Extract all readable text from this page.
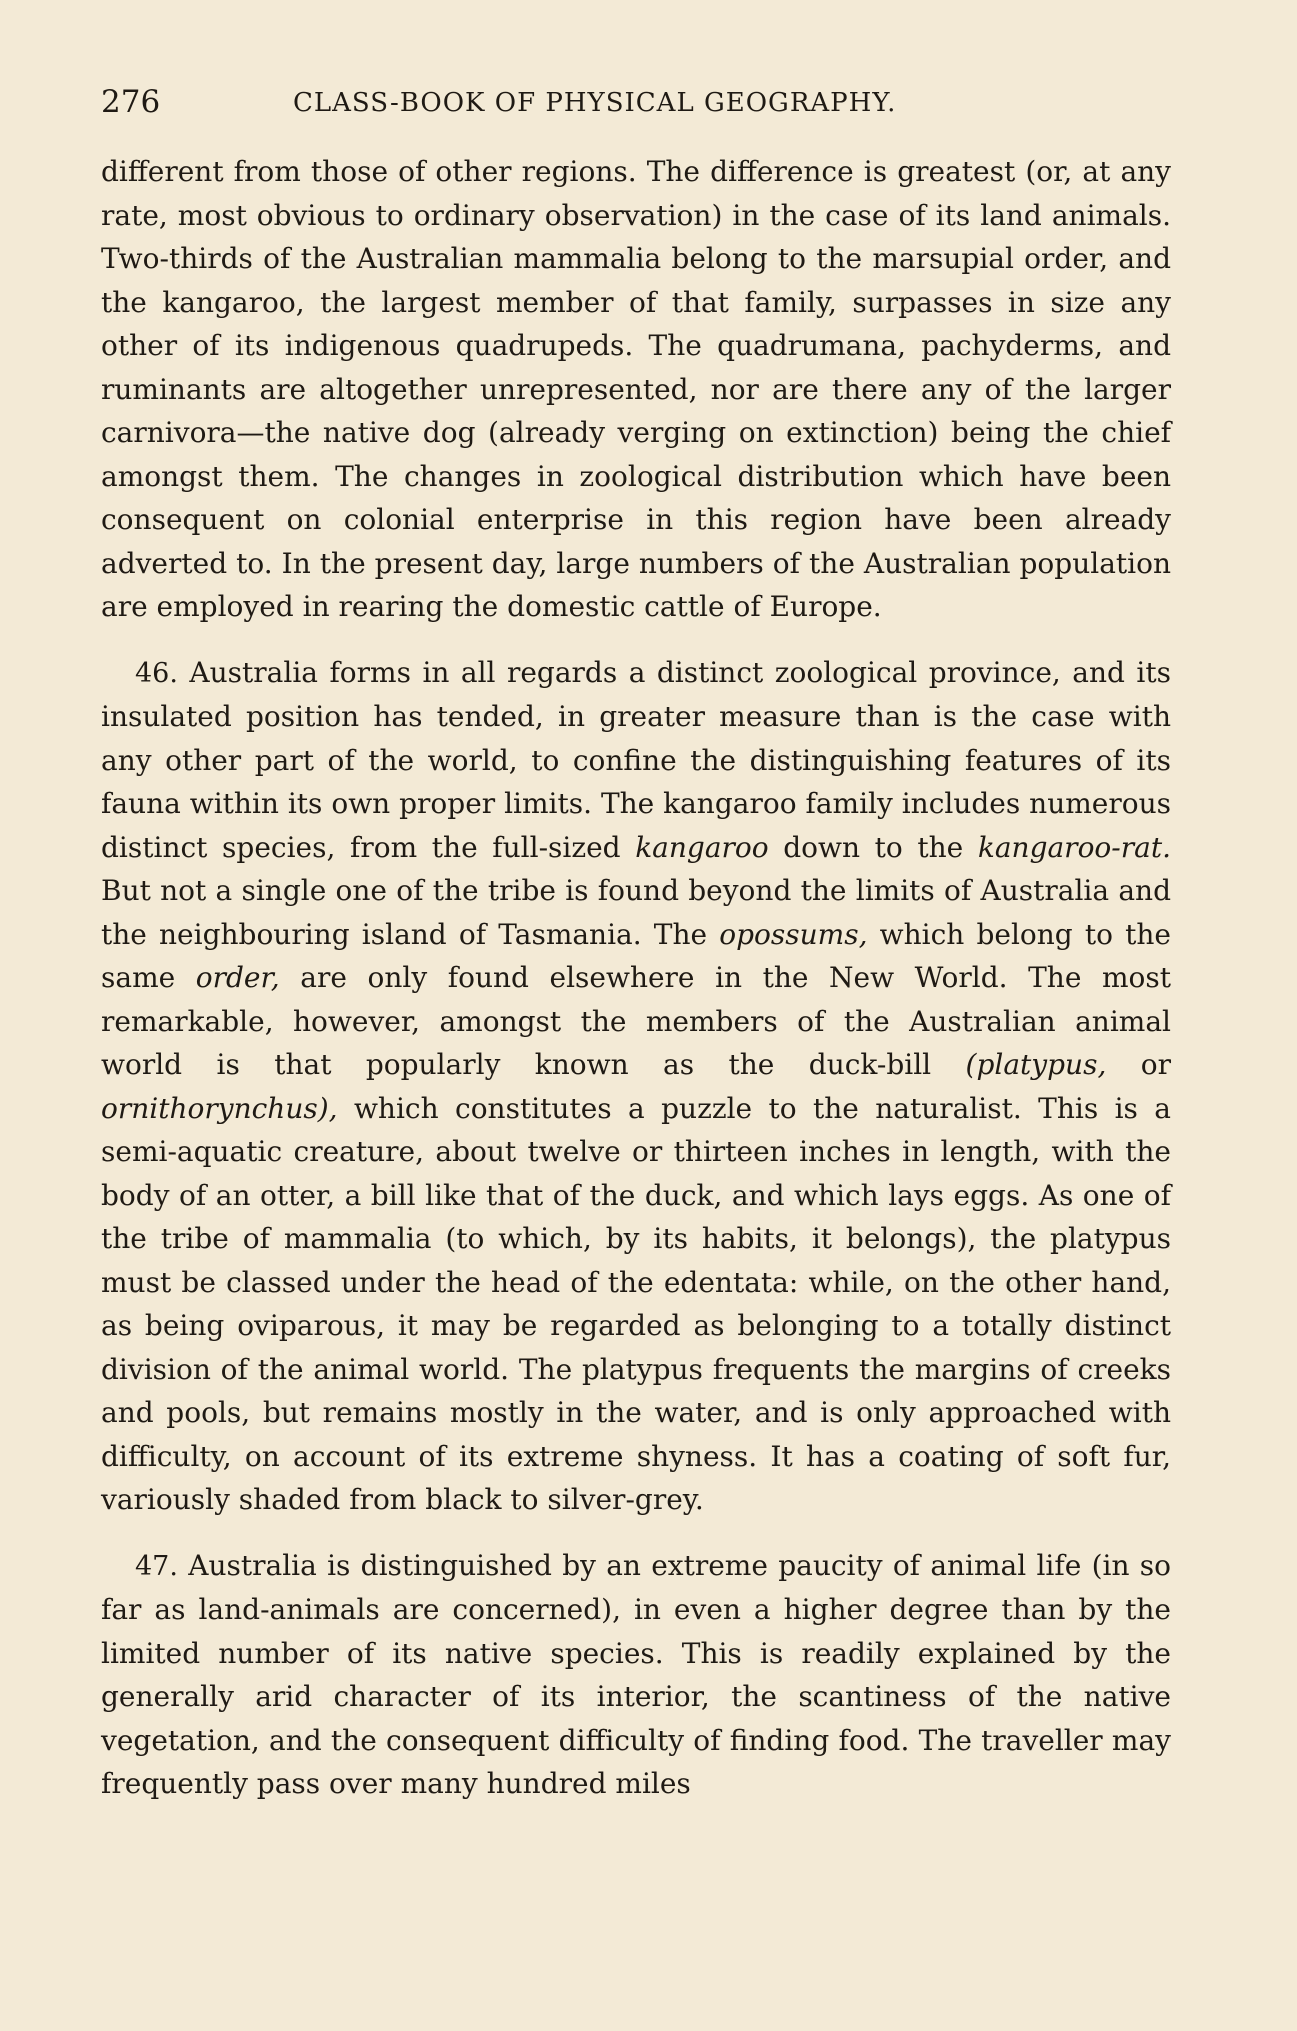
276	CLASS-BOOK OF PHYSICAL GEOGRAPHY.

different from those of other regions. The difference is greatest (or, at any rate, most obvious to ordinary observation) in the case of its land animals. Two-thirds of the Australian mammalia belong to the marsupial order, and the kangaroo, the largest member of that family, surpasses in size any other of its indigenous quadrupeds. The quadrumana, pachyderms, and ruminants are altogether unrepresented, nor are there any of the larger carnivora—the native dog (already verging on extinction) being the chief amongst them. The changes in zoological distribution which have been consequent on colonial enterprise in this region have been already adverted to. In the present day, large numbers of the Australian population are employed in rearing the domestic cattle of Europe.

46. Australia forms in all regards a distinct zoological province, and its insulated position has tended, in greater measure than is the case with any other part of the world, to confine the distinguishing features of its fauna within its own proper limits. The kangaroo family includes numerous distinct species, from the full-sized kangaroo down to the kangaroo-rat. But not a single one of the tribe is found beyond the limits of Australia and the neighbouring island of Tasmania. The opossums, which belong to the same order, are only found elsewhere in the New World. The most remarkable, however, amongst the members of the Australian animal world is that popularly known as the duck-bill (platypus, or ornithorynchus), which constitutes a puzzle to the naturalist. This is a semi-aquatic creature, about twelve or thirteen inches in length, with the body of an otter, a bill like that of the duck, and which lays eggs. As one of the tribe of mammalia (to which, by its habits, it belongs), the platypus must be classed under the head of the edentata: while, on the other hand, as being oviparous, it may be regarded as belonging to a totally distinct division of the animal world. The platypus frequents the margins of creeks and pools, but remains mostly in the water, and is only approached with difficulty, on account of its extreme shyness. It has a coating of soft fur, variously shaded from black to silver-grey.

47. Australia is distinguished by an extreme paucity of animal life (in so far as land-animals are concerned), in even a higher degree than by the limited number of its native species. This is readily explained by the generally arid character of its interior, the scantiness of the native vegetation, and the consequent difficulty of finding food. The traveller may frequently pass over many hundred miles
